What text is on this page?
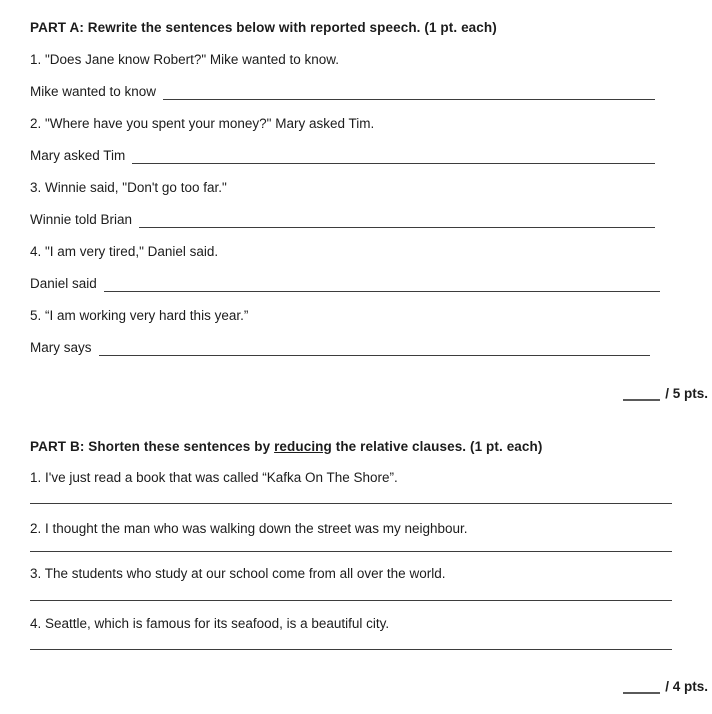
PART A: Rewrite the sentences below with reported speech. (1 pt. each)
1. "Does Jane know Robert?" Mike wanted to know.
Mike wanted to know
2. "Where have you spent your money?" Mary asked Tim.
Mary asked Tim
3. Winnie said, "Don't go too far."
Winnie told Brian
4. "I am very tired," Daniel said.
Daniel said
5. “I am working very hard this year.”
Mary says
/ 5 pts.
PART B: Shorten these sentences by reducing the relative clauses. (1 pt. each)
1. I've just read a book that was called “Kafka On The Shore”.
2. I thought the man who was walking down the street was my neighbour.
3. The students who study at our school come from all over the world.
4. Seattle, which is famous for its seafood, is a beautiful city.
/ 4 pts.
